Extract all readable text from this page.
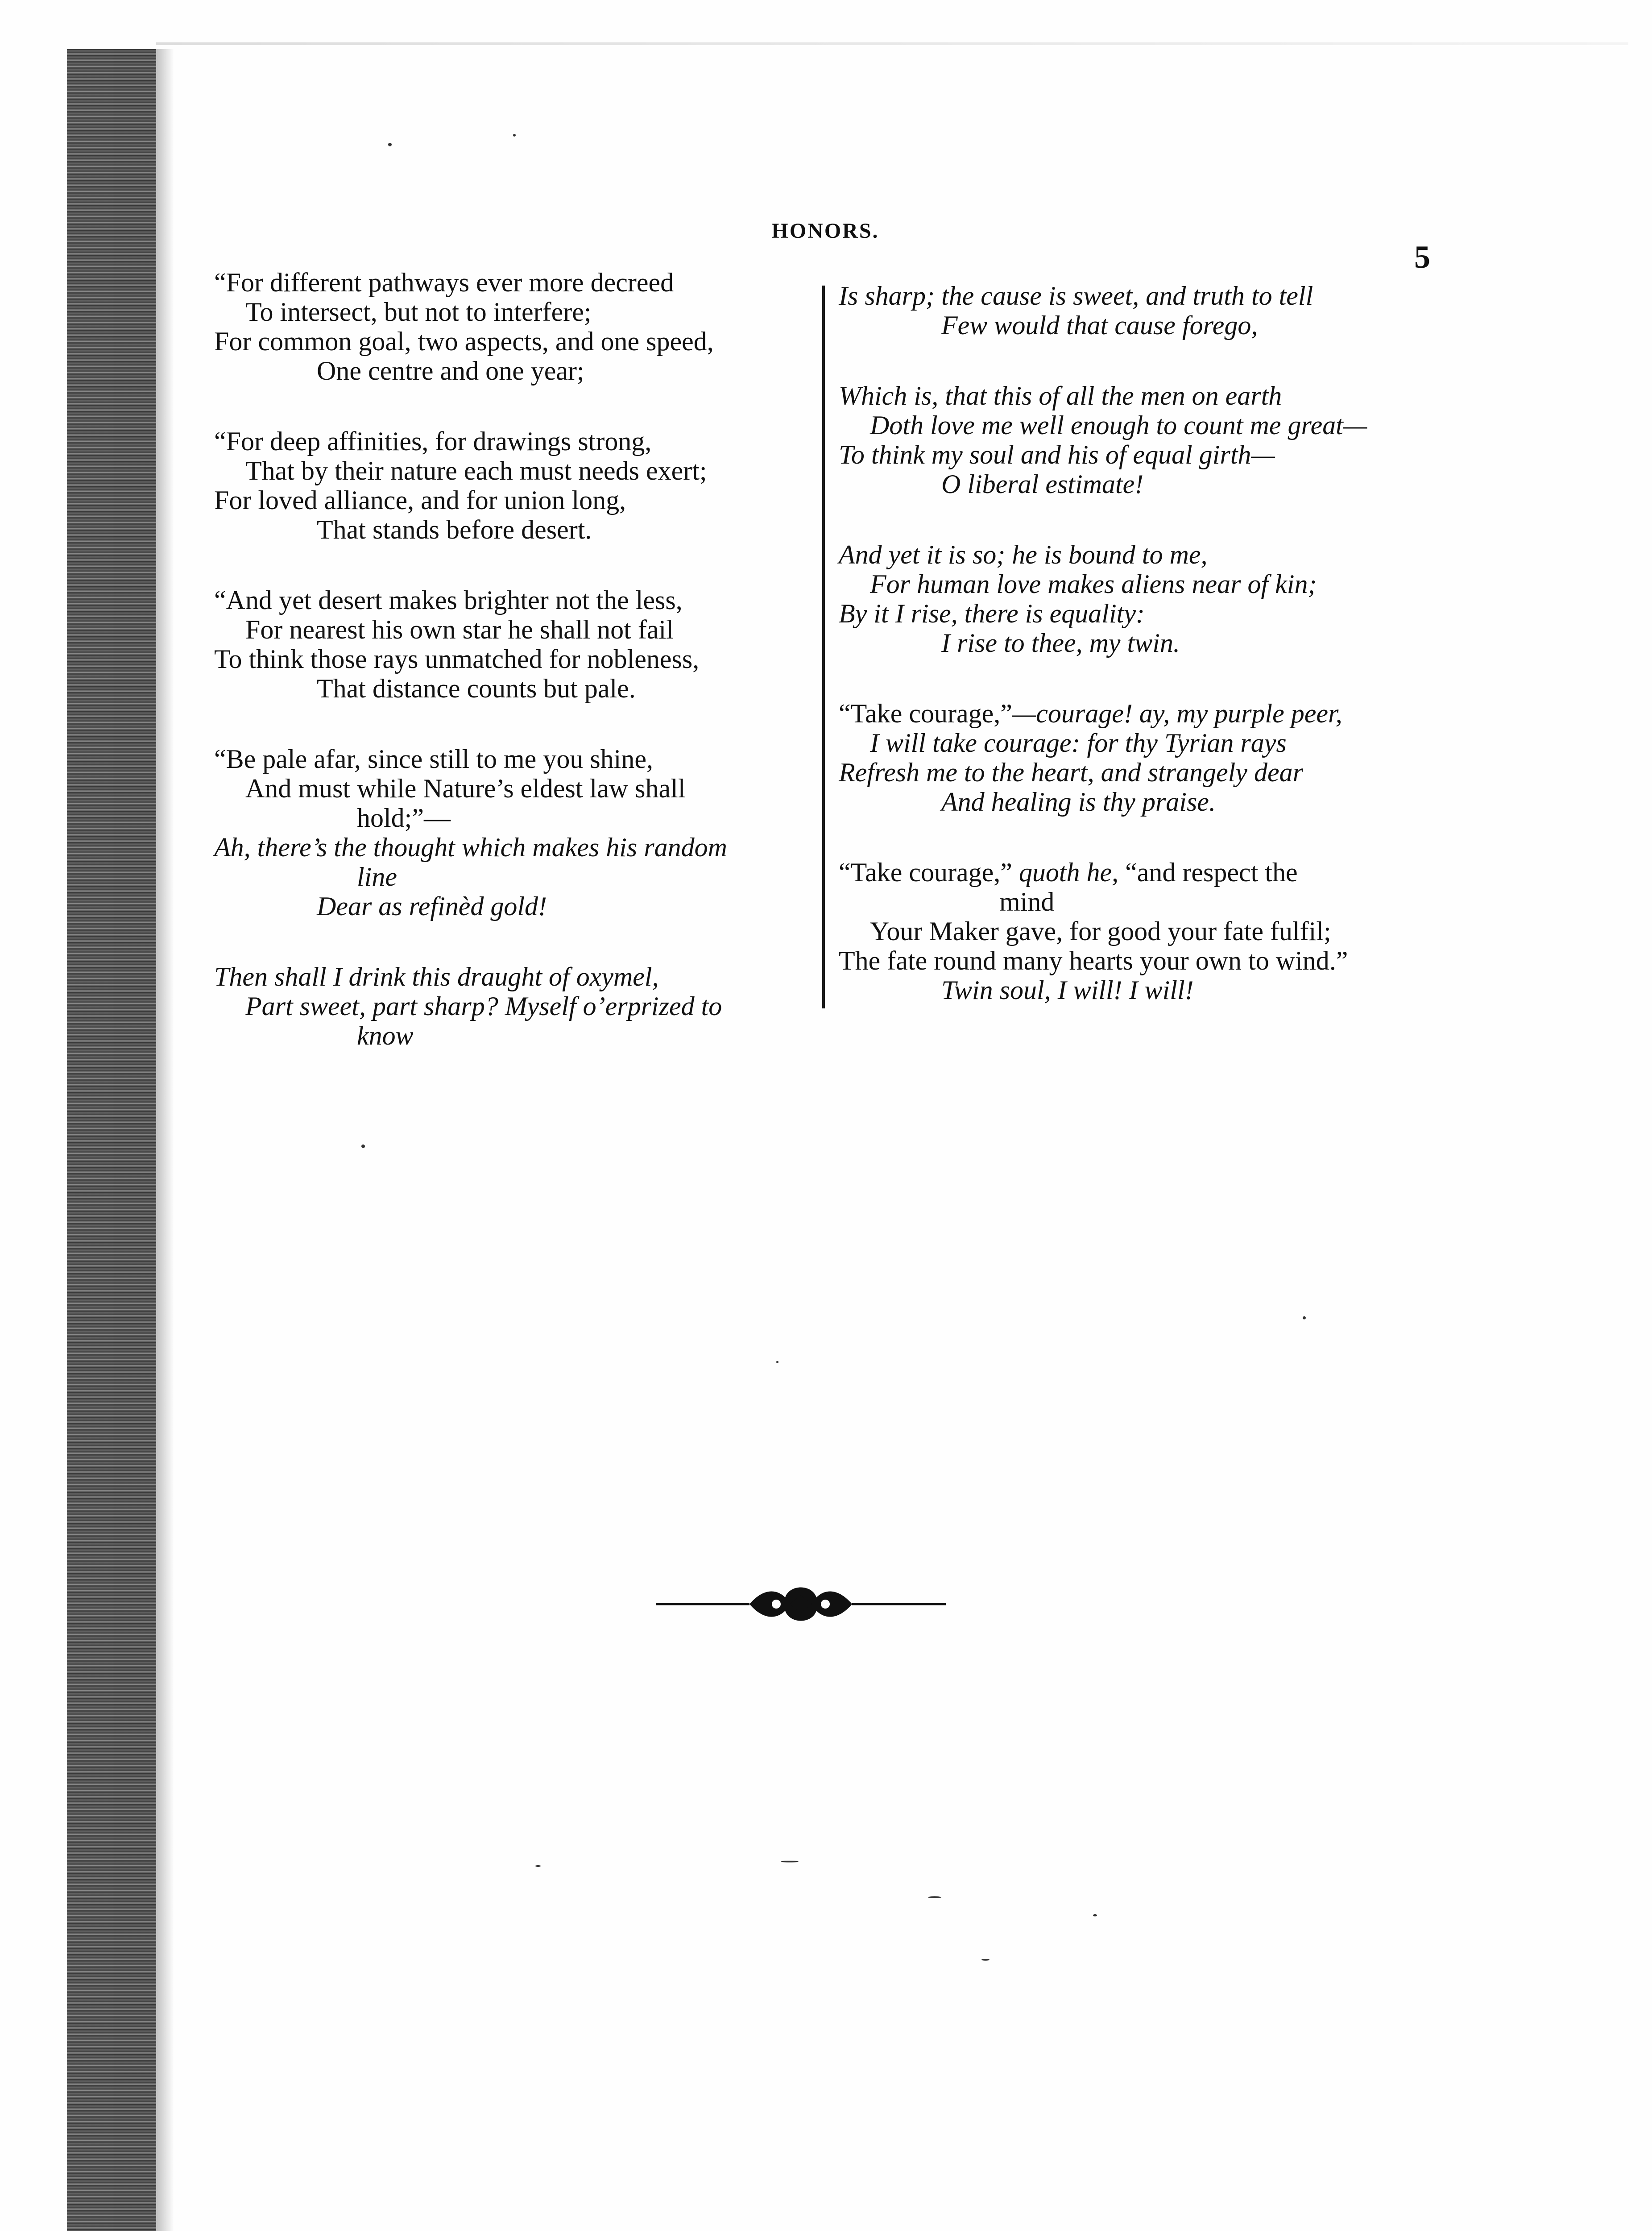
HONORS.
5
“For different pathways ever more decreed
To intersect, but not to interfere;
For common goal, two aspects, and one speed,
One centre and one year;
“For deep affinities, for drawings strong,
That by their nature each must needs exert;
For loved alliance, and for union long,
That stands before desert.
“And yet desert makes brighter not the less,
For nearest his own star he shall not fail
To think those rays unmatched for nobleness,
That distance counts but pale.
“Be pale afar, since still to me you shine,
And must while Nature’s eldest law shall
hold;”—
Ah, there’s the thought which makes his random
line
Dear as refinèd gold!
Then shall I drink this draught of oxymel,
Part sweet, part sharp? Myself o’erprized to
know
Is sharp; the cause is sweet, and truth to tell
Few would that cause forego,
Which is, that this of all the men on earth
Doth love me well enough to count me great—
To think my soul and his of equal girth—
O liberal estimate!
And yet it is so; he is bound to me,
For human love makes aliens near of kin;
By it I rise, there is equality:
I rise to thee, my twin.
“Take courage,”—courage! ay, my purple peer,
I will take courage: for thy Tyrian rays
Refresh me to the heart, and strangely dear
And healing is thy praise.
“Take courage,” quoth he, “and respect the
mind
Your Maker gave, for good your fate fulfil;
The fate round many hearts your own to wind.”
Twin soul, I will! I will!
